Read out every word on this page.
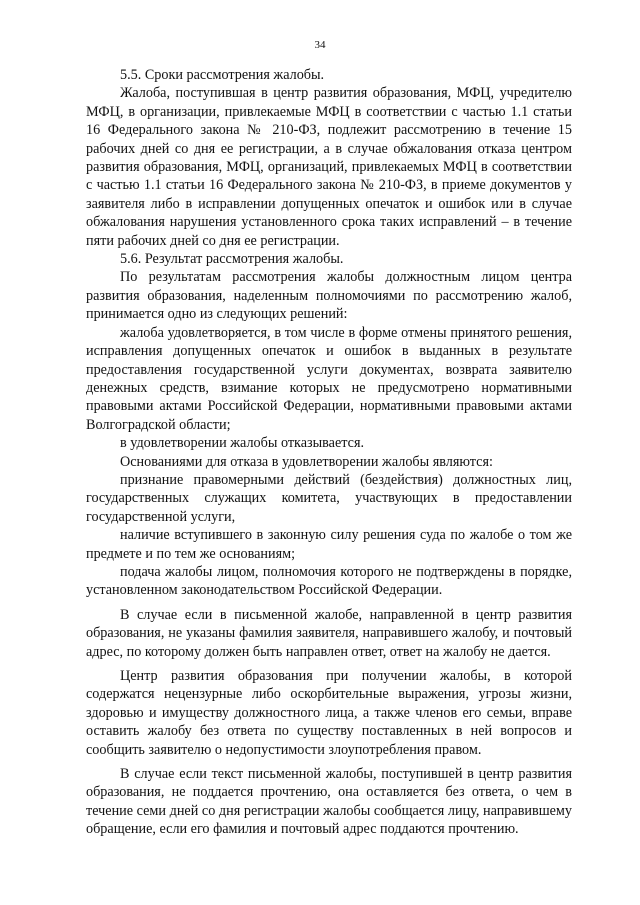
34

5.5. Сроки рассмотрения жалобы.

Жалоба, поступившая в центр развития образования, МФЦ, учредителю МФЦ, в организации, привлекаемые МФЦ в соответствии с частью 1.1 статьи 16 Федерального закона № 210-ФЗ, подлежит рассмотрению в течение 15 рабочих дней со дня ее регистрации, а в случае обжалования отказа центром развития образования, МФЦ, организаций, привлекаемых МФЦ в соответствии с частью 1.1 статьи 16 Федерального закона № 210-ФЗ, в приеме документов у заявителя либо в исправлении допущенных опечаток и ошибок или в случае обжалования нарушения установленного срока таких исправлений – в течение пяти рабочих дней со дня ее регистрации.

5.6. Результат рассмотрения жалобы.

По результатам рассмотрения жалобы должностным лицом центра развития образования, наделенным полномочиями по рассмотрению жалоб, принимается одно из следующих решений:

жалоба удовлетворяется, в том числе в форме отмены принятого решения, исправления допущенных опечаток и ошибок в выданных в результате предоставления государственной услуги документах, возврата заявителю денежных средств, взимание которых не предусмотрено нормативными правовыми актами Российской Федерации, нормативными правовыми актами Волгоградской области;

в удовлетворении жалобы отказывается.

Основаниями для отказа в удовлетворении жалобы являются:

признание правомерными действий (бездействия) должностных лиц, государственных служащих комитета, участвующих в предоставлении государственной услуги,

наличие вступившего в законную силу решения суда по жалобе о том же предмете и по тем же основаниям;

подача жалобы лицом, полномочия которого не подтверждены в порядке, установленном законодательством Российской Федерации.

В случае если в письменной жалобе, направленной в центр развития образования, не указаны фамилия заявителя, направившего жалобу, и почтовый адрес, по которому должен быть направлен ответ, ответ на жалобу не дается.

Центр развития образования при получении жалобы, в которой содержатся нецензурные либо оскорбительные выражения, угрозы жизни, здоровью и имуществу должностного лица, а также членов его семьи, вправе оставить жалобу без ответа по существу поставленных в ней вопросов и сообщить заявителю о недопустимости злоупотребления правом.

В случае если текст письменной жалобы, поступившей в центр развития образования, не поддается прочтению, она оставляется без ответа, о чем в течение семи дней со дня регистрации жалобы сообщается лицу, направившему обращение, если его фамилия и почтовый адрес поддаются прочтению.
